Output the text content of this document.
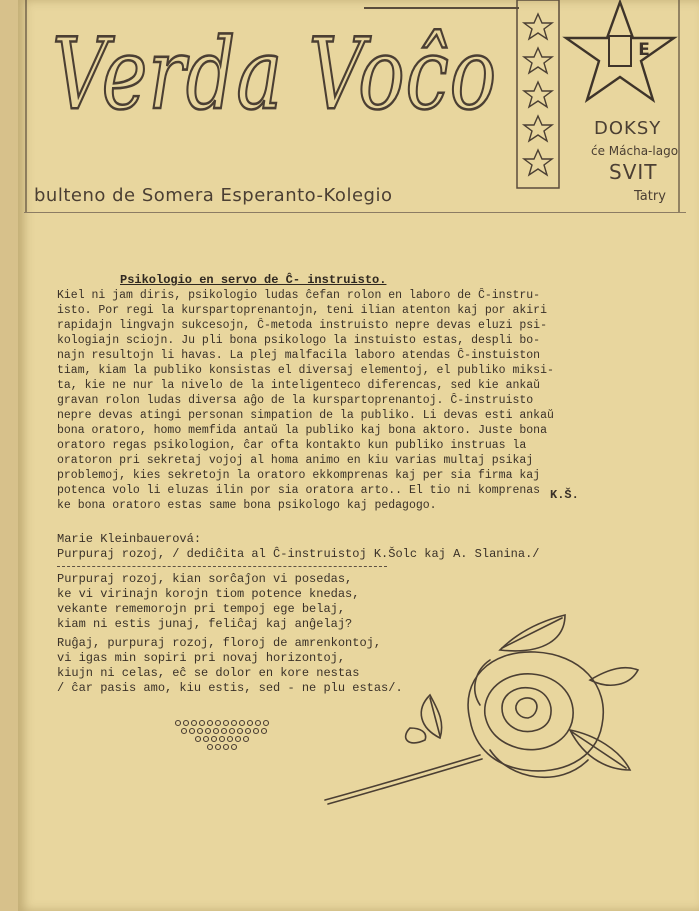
Verda Voĉo	E
DOKSY
će Mácha-lago
SVIT
Tatry
bulteno de Somera Esperanto-Kolegio
Psikologio en servo de Ĉ- instruisto.
Kiel ni jam diris, psikologio ludas ĉefan rolon en laboro de Ĉ-instru-
isto. Por regi la kurspartoprenantojn, teni ilian atenton kaj por akiri
rapidajn lingvajn sukcesojn, Ĉ-metoda instruisto nepre devas eluzi psi-
kologiajn sciojn. Ju pli bona psikologo la instuisto estas, despli bo-
najn resultojn li havas. La plej malfacila laboro atendas Ĉ-instuiston
tiam, kiam la publiko konsistas el diversaj elementoj, el publiko miksi-
ta, kie ne nur la nivelo de la inteligenteco diferencas, sed kie ankaŭ
gravan rolon ludas diversa aĝo de la kurspartoprenantoj. Ĉ-instruisto
nepre devas atingi personan simpation de la publiko. Li devas esti ankaŭ
bona oratoro, homo memfida antaŭ la publiko kaj bona aktoro. Juste bona
oratoro regas psikologion, ĉar ofta kontakto kun publiko instruas la
oratoron pri sekretaj vojoj al homa animo en kiu varias multaj psikaj
problemoj, kies sekretojn la oratoro ekkomprenas kaj per sia firma kaj
potenca volo li eluzas ilin por sia oratora arto.. El tio ni komprenas
ke bona oratoro estas same bona psikologo kaj pedagogo.
K.Š.
Marie Kleinbauerová:
Purpuraj rozoj, / dediĉita al Ĉ-instruistoj K.Šolc kaj A. Slanina./
Purpuraj rozoj, kian sorĉaĵon vi posedas,
ke vi virinajn korojn tiom potence knedas,
vekante rememorojn pri tempoj ege belaj,
kiam ni estis junaj, feliĉaj kaj anĝelaj?
Ruĝaj, purpuraj rozoj, floroj de amrenkontoj,
vi igas min sopiri pri novaj horizontoj,
kiujn ni celas, eĉ se dolor en kore nestas
/ ĉar pasis amo, kiu estis, sed - ne plu estas/.
